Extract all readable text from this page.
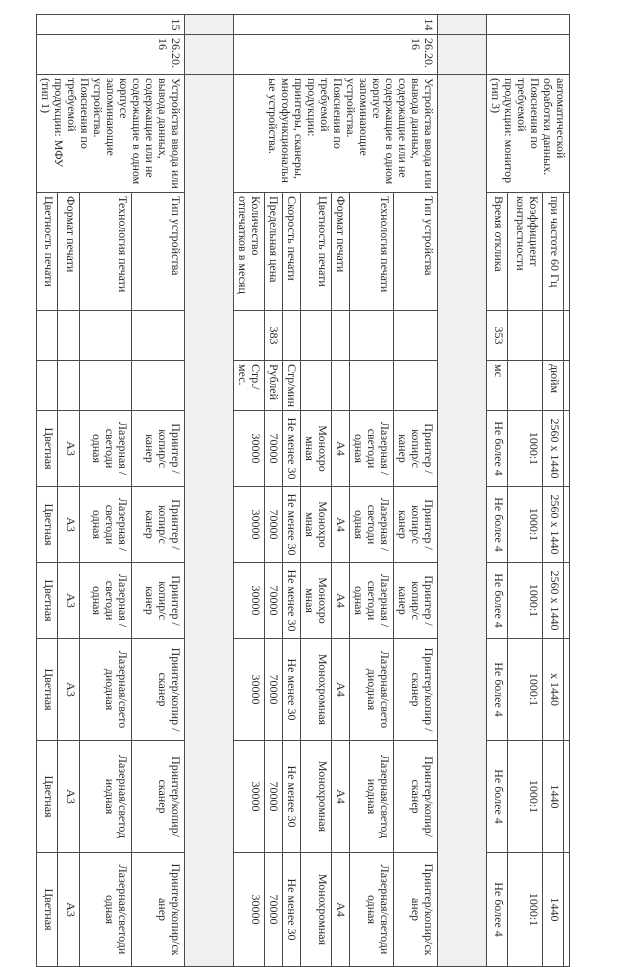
		автоматической обработки данных. Пояснения по требуемой продукции: монитор (тип 3)									
			при частоте 60 Гц		дюйм	2560 х 1440	2560 х 1440	2560 х 1440	х 1440	1440	1440
			Коэффициент контрастности			1000:1	1000:1	1000:1	1000:1	1000:1	1000:1
			Время отклика	353	мс	Не более 4	Не более 4	Не более 4	Не более 4	Не более 4	Не более 4

14	26.20.16	Устройства ввода или вывода данных, содержащие или не содержащие в одном корпусе запоминающие устройства. Пояснения по требуемой продукции: принтеры, сканеры, многофункциональные устройства.	Тип устройства			Принтер /копир/с канер	Принтер /копир/с канер	Принтер /копир/с канер	Принтер/копир /сканер	Принтер/копир/сканер	Принтер/копир/ск анер
			Технология печати			Лазерная /светоди одная	Лазерная /светоди одная	Лазерная /светоди одная	Лазерная/свето диодная	Лазерная/светод иодная	Лазерная/светоди одная
			Формат печати			А4	А4	А4	А4	А4	А4
			Цветность печати			Монохро мная	Монохро мная	Монохро мная	Монохромная	Монохромная	Монохромная
			Скорость печати		Стр/мин	Не менее 30	Не менее 30	Не менее 30	Не менее 30	Не менее 30	Не менее 30
			Предельная цена	383	Рублей	70000	70000	70000	70000	70000	70000
			Количество отпечатков в месяц		Стр./мес.	30000	30000	30000	30000	30000	30000

15	26.20.16	Устройства ввода или вывода данных, содержащие или не содержащие в одном корпусе запоминающие устройства. Пояснения по требуемой продукции: МФУ (тип 1)	Тип устройства			Принтер /копир/с канер	Принтер /копир/с канер	Принтер /копир/с канер	Принтер/копир /сканер	Принтер/копир/ сканер	Принтер/копир/ск анер
			Технология печати			Лазерная /светоди одная	Лазерная /светоди одная	Лазерная /светоди одная	Лазерная/свето диодная	Лазерная/светод иодная	Лазерная/светоди одная
			Формат печати			А3	А3	А3	А3	А3	А3
			Цветность печати			Цветная	Цветная	Цветная	Цветная	Цветная	Цветная
